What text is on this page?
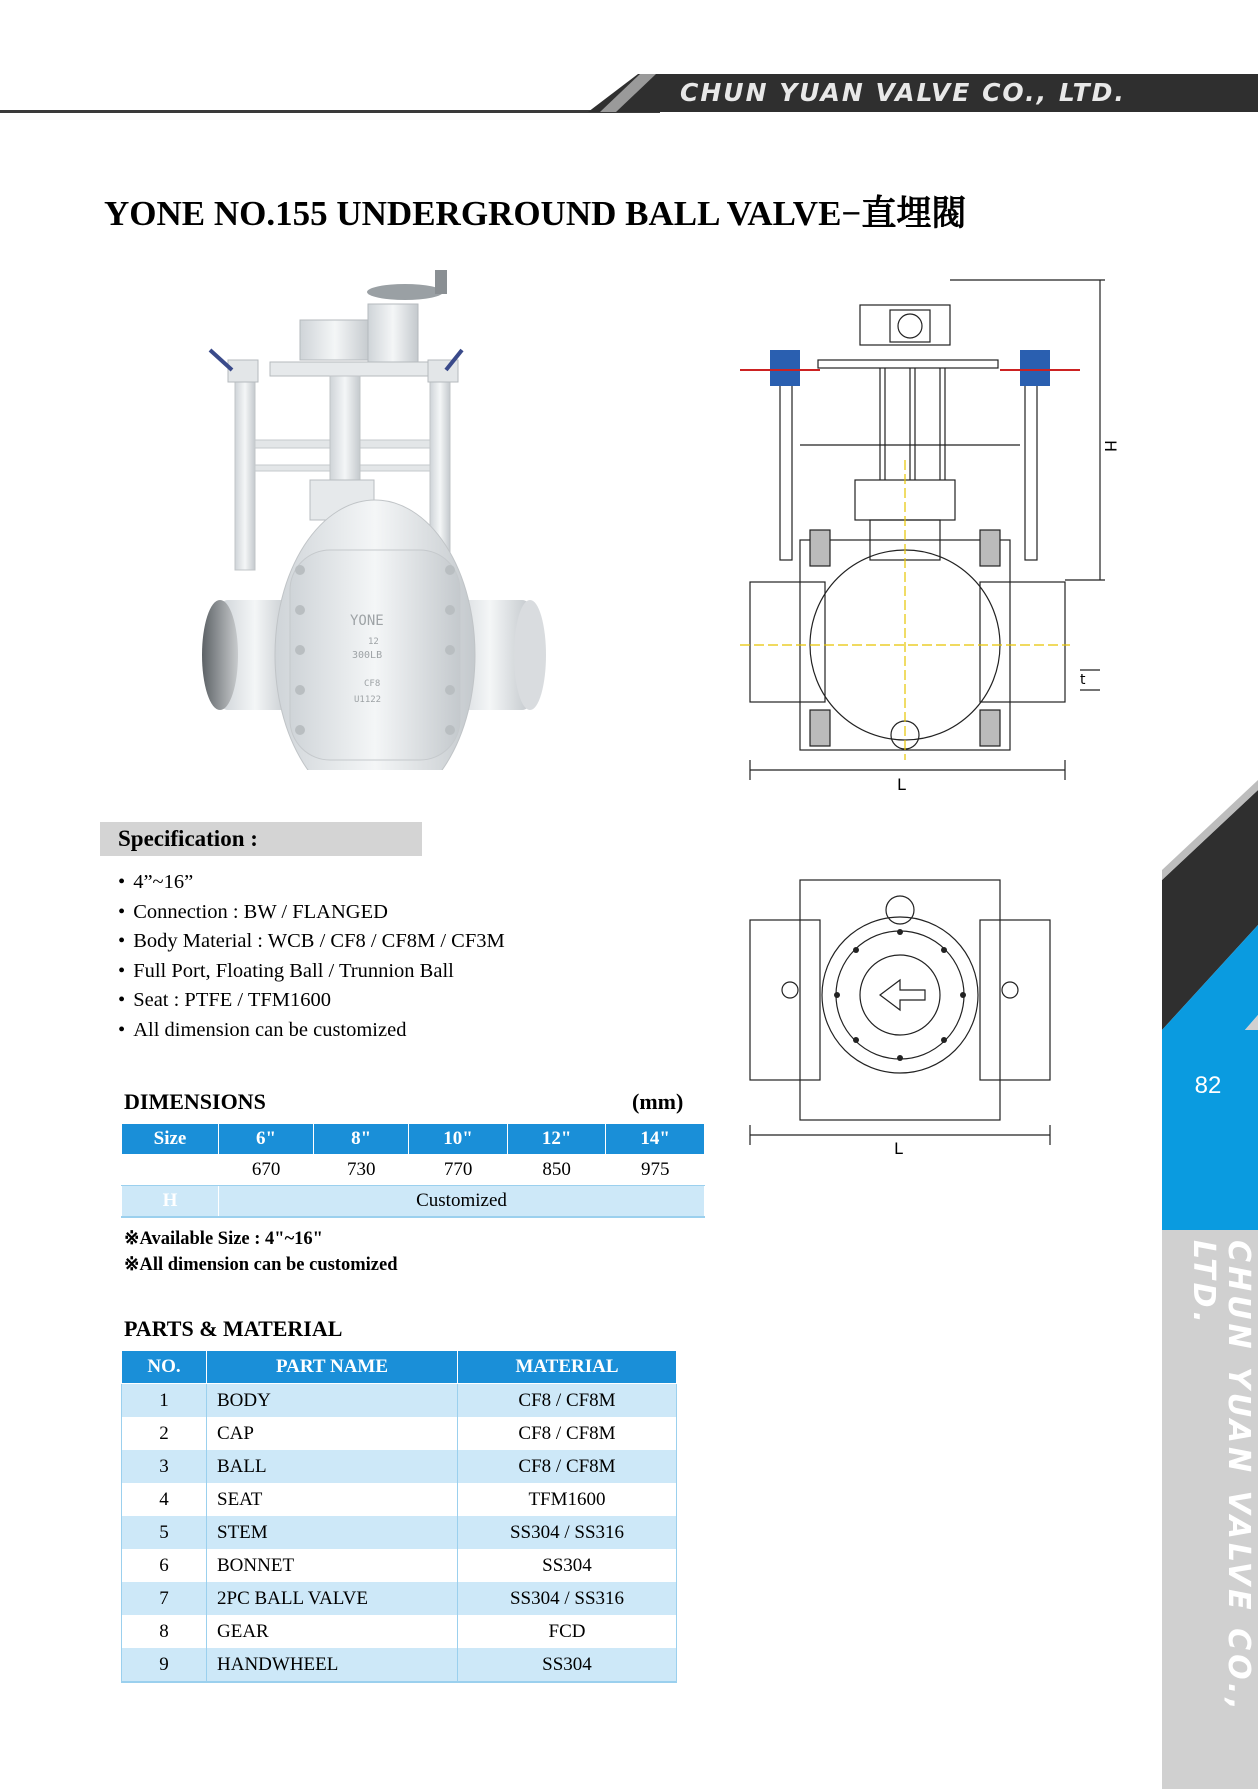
CHUN YUAN VALVE CO., LTD.
YONE NO.155 UNDERGROUND BALL VALVE−直埋閥
YONE
12
300LB
CF8
U1122
H
L
t
L
Specification :
• 4”~16”
• Connection : BW / FLANGED
• Body Material : WCB / CF8 / CF8M / CF3M
• Full Port, Floating Ball / Trunnion Ball
• Seat : PTFE / TFM1600
• All dimension can be customized
DIMENSIONS	(mm)
Size	6"	8"	10"	12"	14"
L	670	730	770	850	975
H	Customized				
※Available Size : 4"~16"
※All dimension can be customized
PARTS & MATERIAL
NO.	PART NAME	MATERIAL
1	BODY	CF8 / CF8M
2	CAP	CF8 / CF8M
3	BALL	CF8 / CF8M
4	SEAT	TFM1600
5	STEM	SS304 / SS316
6	BONNET	SS304
7	2PC BALL VALVE	SS304 / SS316
8	GEAR	FCD
9	HANDWHEEL	SS304
82
CHUN YUAN VALVE CO., LTD.
